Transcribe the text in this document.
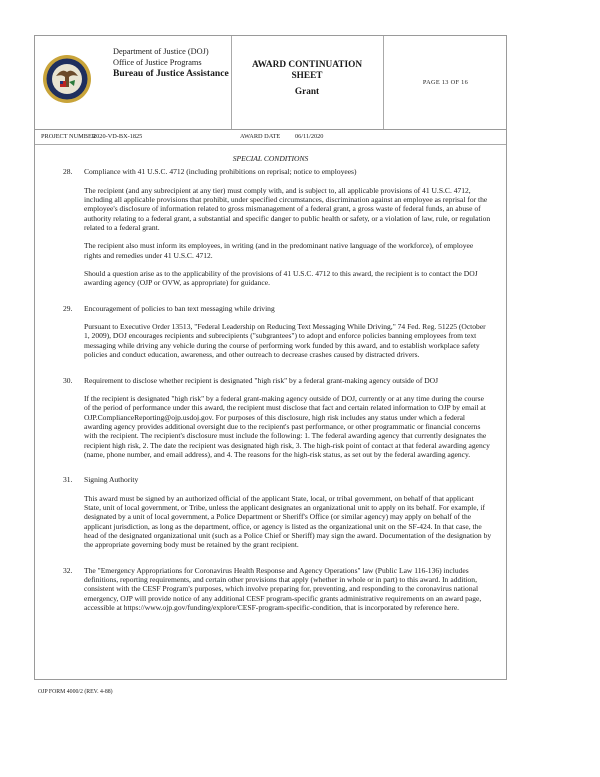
Department of Justice (DOJ)
Office of Justice Programs
Bureau of Justice Assistance
AWARD CONTINUATION
SHEET
Grant
PAGE 13 OF 16
PROJECT NUMBER
2020-VD-BX-1825	AWARD DATE 06/11/2020
SPECIAL CONDITIONS
28. Compliance with 41 U.S.C. 4712 (including prohibitions on reprisal; notice to employees)
The recipient (and any subrecipient at any tier) must comply with, and is subject to, all applicable provisions of 41 U.S.C. 4712, including all applicable provisions that prohibit, under specified circumstances, discrimination against an employee as reprisal for the employee's disclosure of information related to gross mismanagement of a federal grant, a gross waste of federal funds, an abuse of authority relating to a federal grant, a substantial and specific danger to public health or safety, or a violation of law, rule, or regulation related to a federal grant.
The recipient also must inform its employees, in writing (and in the predominant native language of the workforce), of employee rights and remedies under 41 U.S.C. 4712.
Should a question arise as to the applicability of the provisions of 41 U.S.C. 4712 to this award, the recipient is to contact the DOJ awarding agency (OJP or OVW, as appropriate) for guidance.
29. Encouragement of policies to ban text messaging while driving
Pursuant to Executive Order 13513, "Federal Leadership on Reducing Text Messaging While Driving," 74 Fed. Reg. 51225 (October 1, 2009), DOJ encourages recipients and subrecipients ("subgrantees") to adopt and enforce policies banning employees from text messaging while driving any vehicle during the course of performing work funded by this award, and to establish workplace safety policies and conduct education, awareness, and other outreach to decrease crashes caused by distracted drivers.
30. Requirement to disclose whether recipient is designated "high risk" by a federal grant-making agency outside of DOJ
If the recipient is designated "high risk" by a federal grant-making agency outside of DOJ, currently or at any time during the course of the period of performance under this award, the recipient must disclose that fact and certain related information to OJP by email at OJP.ComplianceReporting@ojp.usdoj.gov. For purposes of this disclosure, high risk includes any status under which a federal awarding agency provides additional oversight due to the recipient's past performance, or other programmatic or financial concerns with the recipient. The recipient's disclosure must include the following: 1. The federal awarding agency that currently designates the recipient high risk, 2. The date the recipient was designated high risk, 3. The high-risk point of contact at that federal awarding agency (name, phone number, and email address), and 4. The reasons for the high-risk status, as set out by the federal awarding agency.
31. Signing Authority
This award must be signed by an authorized official of the applicant State, local, or tribal government, on behalf of that applicant State, unit of local government, or Tribe, unless the applicant designates an organizational unit to apply on its behalf. For example, if designated by a unit of local government, a Police Department or Sheriff's Office (or similar agency) may apply on behalf of the applicant jurisdiction, as long as the department, office, or agency is listed as the organizational unit on the SF-424. In that case, the head of the designated organizational unit (such as a Police Chief or Sheriff) may sign the award. Documentation of the designation by the appropriate governing body must be retained by the grant recipient.
32. The "Emergency Appropriations for Coronavirus Health Response and Agency Operations" law (Public Law 116-136) includes definitions, reporting requirements, and certain other provisions that apply (whether in whole or in part) to this award. In addition, consistent with the CESF Program's purposes, which involve preparing for, preventing, and responding to the coronavirus national emergency, OJP will provide notice of any additional CESF program-specific grants administrative requirements on an award page, accessible at https://www.ojp.gov/funding/explore/CESF-program-specific-condition, that is incorporated by reference here.
OJP FORM 4000/2 (REV. 4-88)
